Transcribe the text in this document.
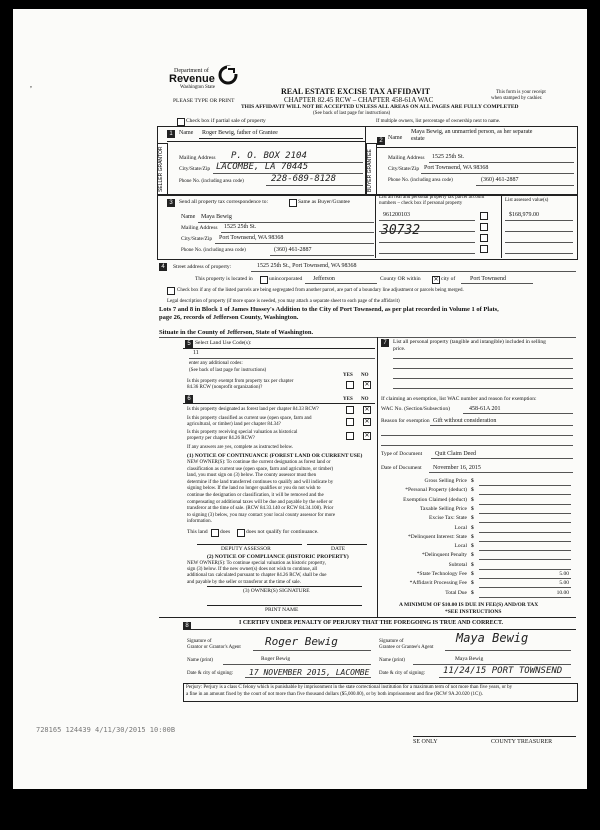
Department of
Revenue
Washington State	REAL ESTATE EXCISE TAX AFFIDAVIT
CHAPTER 82.45 RCW – CHAPTER 458-61A WAC
THIS AFFIDAVIT WILL NOT BE ACCEPTED UNLESS ALL AREAS ON ALL PAGES ARE FULLY COMPLETED
(See back of last page for instructions)
PLEASE TYPE OR PRINT
This form is your receipt
when stamped by cashier.
Check box if partial sale of property	If multiple owners, list percentage of ownership next to name.
SELLER GRANTOR
1	Name Roger Bewig, father of Grantee
Mailing Address P. O. BOX 2104
City/State/Zip LACOMBE, LA 70445
Phone No. (including area code)	228-689-8128	BUYER GRANTEE
2 Name
Maya Bewig, an unmarried person, as her separate
estate
Mailing Address 1525 25th St.
City/State/Zip Port Townsend, WA 98368
Phone No. (including area code)	(360) 461-2887
3	Send all property tax correspondence to:	Same as Buyer/Grantee
Name Maya Bewig
Mailing Address 1525 25th St.
City/State/Zip Port Townsend, WA 98368
Phone No. (including area code)	(360) 461-2887
List all real and personal property tax parcel account
numbers – check box if personal property
List assessed value(s)
961200103	$168,979.00
30732
4	Street address of property:	1525 25th St., Port Townsend, WA 98368
This property is located in	unincorporated Jefferson	County OR within ✕ city of Port Townsend
Check box if any of the listed parcels are being segregated from another parcel, are part of a boundary line adjustment or parcels being merged.
Legal description of property (if more space is needed, you may attach a separate sheet to each page of the affidavit)
Lots 7 and 8 in Block 1 of James Hussey's Addition to the City of Port Townsend, as per plat recorded in Volume 1 of Plats,
page 26, records of Jefferson County, Washington.
Situate in the County of Jefferson, State of Washington.
5 Select Land Use Code(s):
11
enter any additional codes:
(See back of last page for instructions)
YES NO
Is this property exempt from property tax per chapter
84.36 RCW (nonprofit organization)?	✕
6	YES NO
Is this property designated as forest land per chapter 84.33 RCW?	✕
Is this property classified as current use (open space, farm and
agricultural, or timber) land per chapter 84.34?	✕
Is this property receiving special valuation as historical
property per chapter 84.26 RCW?	✕
If any answers are yes, complete as instructed below.
(1) NOTICE OF CONTINUANCE (FOREST LAND OR CURRENT USE)
NEW OWNER(S): To continue the current designation as forest land or
classification as current use (open space, farm and agriculture, or timber)
land, you must sign on (3) below. The county assessor must then
determine if the land transferred continues to qualify and will indicate by
signing below. If the land no longer qualifies or you do not wish to
continue the designation or classification, it will be removed and the
compensating or additional taxes will be due and payable by the seller or
transferor at the time of sale. (RCW 84.33.140 or RCW 84.34.108). Prior
to signing (3) below, you may contact your local county assessor for more
information.
This land does	does not qualify for continuance.
DEPUTY ASSESSOR	DATE
(2) NOTICE OF COMPLIANCE (HISTORIC PROPERTY)
NEW OWNER(S): To continue special valuation as historic property,
sign (3) below. If the new owner(s) does not wish to continue, all
additional tax calculated pursuant to chapter 84.26 RCW, shall be due
and payable by the seller or transferor at the time of sale.
(3) OWNER(S) SIGNATURE
PRINT NAME
7	List all personal property (tangible and intangible) included in selling
price.
If claiming an exemption, list WAC number and reason for exemption:
WAC No. (Section/Subsection)	458-61A 201
Reason for exemption Gift without consideration
Type of Document Quit Claim Deed
Date of Document November 16, 2015
Gross Selling Price $
*Personal Property (deduct) $
Exemption Claimed (deduct) $
Taxable Selling Price $
Excise Tax: State $
Local $
*Delinquent Interest: State $
Local $
*Delinquent Penalty $
Subtotal $
*State Technology Fee $	5.00
*Affidavit Processing Fee $	5.00
Total Due $	10.00
A MINIMUM OF $10.00 IS DUE IN FEE(S) AND/OR TAX
*SEE INSTRUCTIONS
8	I CERTIFY UNDER PENALTY OF PERJURY THAT THE FOREGOING IS TRUE AND CORRECT.
Signature of
Grantor or Grantor's Agent Roger Bewig
Name (print)	Roger Bewig
Date & city of signing: 17 NOVEMBER 2015, LACOMBE
Signature of
Grantee or Grantee's Agent
Maya Bewig
Name (print)	Maya Bewig
Date & city of signing: 11/24/15 PORT TOWNSEND
Perjury: Perjury is a class C felony which is punishable by imprisonment in the state correctional institution for a maximum term of not more than five years, or by
a fine in an amount fixed by the court of not more than five thousand dollars ($5,000.00), or by both imprisonment and fine (RCW 9A.20.020 (1C)).
728165 124439 4/11/30/2015 10:00B
SE ONLY	COUNTY TREASURER
,
